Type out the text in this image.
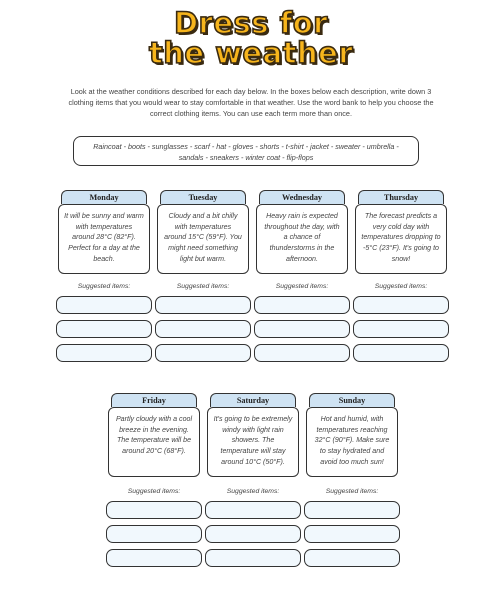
Dress for
the weather
Look at the weather conditions described for each day below. In the boxes below each description, write down 3 clothing items that you would wear to stay comfortable in that weather. Use the word bank to help you choose the correct clothing items. You can use each term more than once.
Raincoat - boots - sunglasses - scarf - hat - gloves - shorts - t-shirt - jacket - sweater - umbrella - sandals - sneakers - winter coat - flip-flops
Monday
It will be sunny and warm with temperatures around 28°C (82°F). Perfect for a day at the beach.
Tuesday
Cloudy and a bit chilly with temperatures around 15°C (59°F). You might need something light but warm.
Wednesday
Heavy rain is expected throughout the day, with a chance of thunderstorms in the afternoon.
Thursday
The forecast predicts a very cold day with temperatures dropping to -5°C (23°F). It's going to snow!
Suggested items:	Suggested items:	Suggested items:	Suggested items:
Friday
Partly cloudy with a cool breeze in the evening. The temperature will be around 20°C (68°F).
Saturday
It's going to be extremely windy with light rain showers. The temperature will stay around 10°C (50°F).
Sunday
Hot and humid, with temperatures reaching 32°C (90°F). Make sure to stay hydrated and avoid too much sun!
Suggested items:	Suggested items:	Suggested items:
